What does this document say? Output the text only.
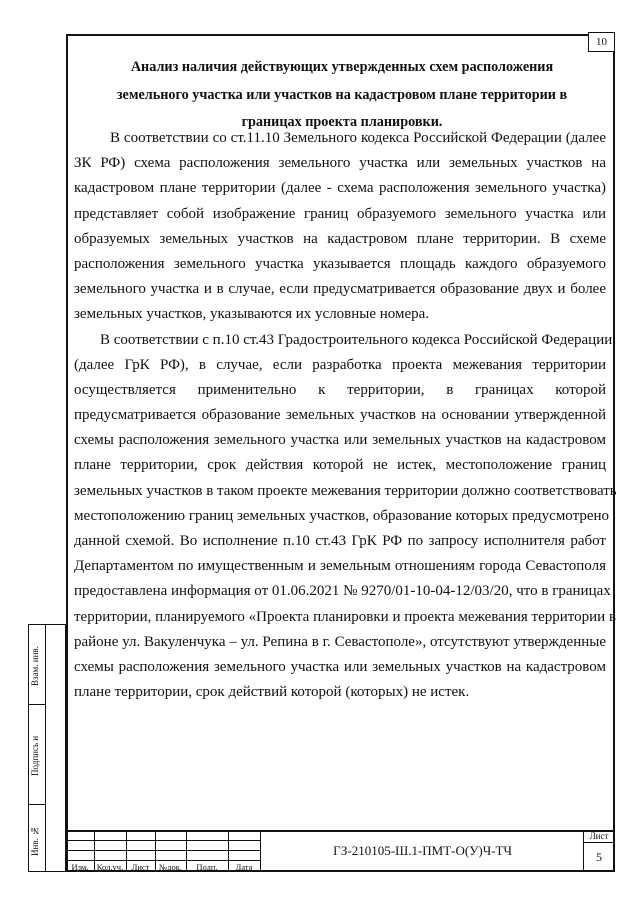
10
Анализ наличия действующих утвержденных схем расположения
земельного участка или участков на кадастровом плане территории в
границах проекта планировки.
В соответствии со ст.11.10 Земельного кодекса Российской Федерации (далее
ЗК РФ) схема расположения земельного участка или земельных участков на
кадастровом плане территории (далее - схема расположения земельного участка)
представляет собой изображение границ образуемого земельного участка или
образуемых земельных участков на кадастровом плане территории. В схеме
расположения земельного участка указывается площадь каждого образуемого
земельного участка и в случае, если предусматривается образование двух и более
земельных участков, указываются их условные номера.
В соответствии с п.10 ст.43 Градостроительного кодекса Российской Федерации
(далее ГрК РФ), в случае, если разработка проекта межевания территории
осуществляется применительно к территории, в границах которой
предусматривается образование земельных участков на основании утвержденной
схемы расположения земельного участка или земельных участков на кадастровом
плане территории, срок действия которой не истек, местоположение границ
земельных участков в таком проекте межевания территории должно соответствовать
местоположению границ земельных участков, образование которых предусмотрено
данной схемой. Во исполнение п.10 ст.43 ГрК РФ по запросу исполнителя работ
Департаментом по имущественным и земельным отношениям города Севастополя
предоставлена информация от 01.06.2021 № 9270/01-10-04-12/03/20, что в границах
территории, планируемого «Проекта планировки и проекта межевания территории в
районе ул. Вакуленчука – ул. Репина в г. Севастополе», отсутствуют утвержденные
схемы расположения земельного участка или земельных участков на кадастровом
плане территории, срок действий которой (которых) не истек.
Взам. инв.
Подпись и
Инв. №
Изм. Кол.уч. Лист	№док.	Подп.	Дата
ГЗ-210105-Ш.1-ПМТ-О(У)Ч-ТЧ
Лист
5
